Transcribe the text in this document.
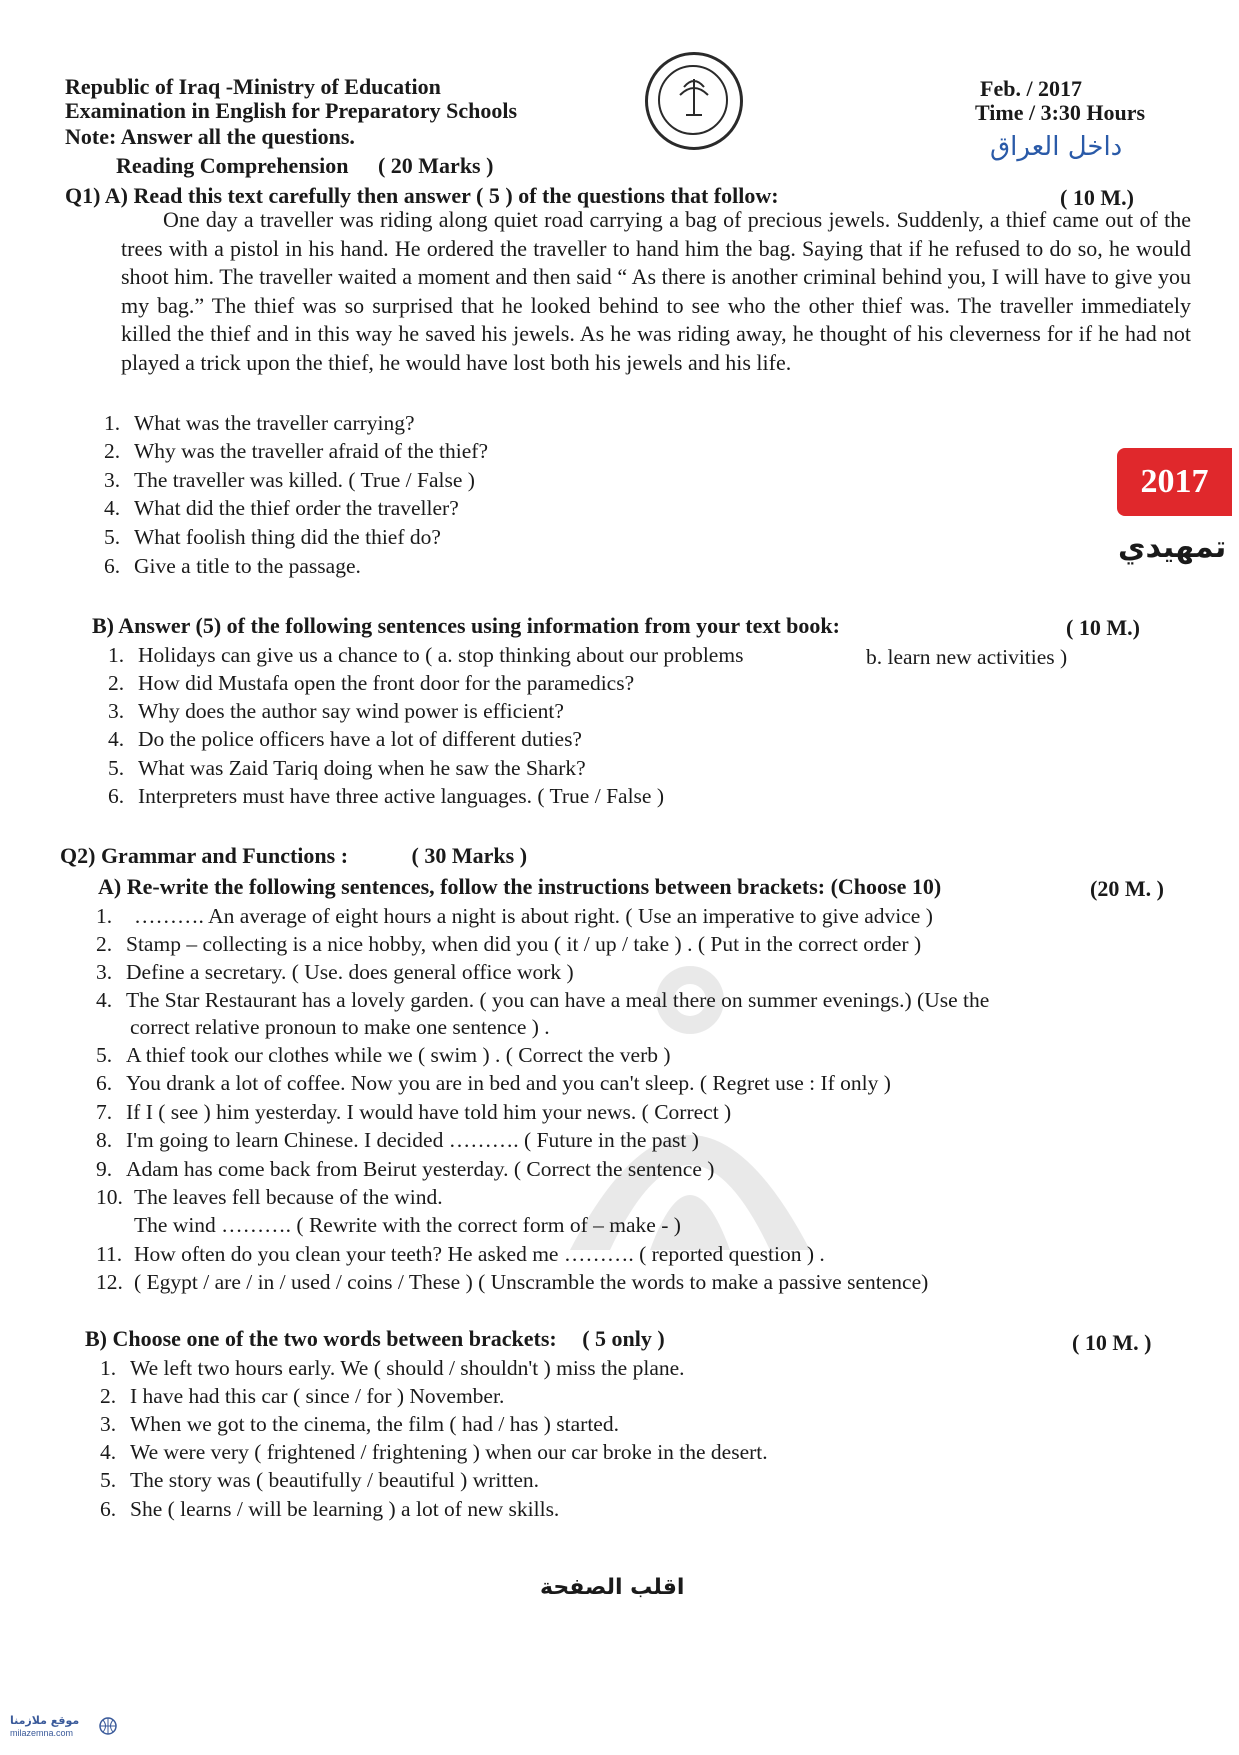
Republic of Iraq -Ministry of Education
Examination in English for Preparatory Schools
Note: Answer all the questions.
Feb. / 2017
Time / 3:30 Hours
داخل العراق
2017
تمهيدي
Reading Comprehension ( 20 Marks )
Q1) A) Read this text carefully then answer ( 5 ) of the questions that follow:	( 10 M.)
One day a traveller was riding along quiet road carrying a bag of precious jewels. Suddenly, a thief came out of the trees with a pistol in his hand. He ordered the traveller to hand him the bag. Saying that if he refused to do so, he would shoot him. The traveller waited a moment and then said “ As there is another criminal behind you, I will have to give you my bag.” The thief was so surprised that he looked behind to see who the other thief was. The traveller immediately killed the thief and in this way he saved his jewels. As he was riding away, he thought of his cleverness for if he had not played a trick upon the thief, he would have lost both his jewels and his life.
1. What was the traveller carrying?
2. Why was the traveller afraid of the thief?
3. The traveller was killed. ( True / False )
4. What did the thief order the traveller?
5. What foolish thing did the thief do?
6. Give a title to the passage.
B) Answer (5) of the following sentences using information from your text book:	( 10 M.)
1. Holidays can give us a chance to ( a. stop thinking about our problems	b. learn new activities )
2. How did Mustafa open the front door for the paramedics?
3. Why does the author say wind power is efficient?
4. Do the police officers have a lot of different duties?
5. What was Zaid Tariq doing when he saw the Shark?
6. Interpreters must have three active languages. ( True / False )
Q2) Grammar and Functions :	( 30 Marks )
A) Re-write the following sentences, follow the instructions between brackets: (Choose 10)	(20 M. )
1. ………. An average of eight hours a night is about right. ( Use an imperative to give advice )
2. Stamp – collecting is a nice hobby, when did you ( it / up / take ) . ( Put in the correct order )
3. Define a secretary. ( Use. does general office work )
4. The Star Restaurant has a lovely garden. ( you can have a meal there on summer evenings.) (Use the
correct relative pronoun to make one sentence ) .
5. A thief took our clothes while we ( swim ) . ( Correct the verb )
6. You drank a lot of coffee. Now you are in bed and you can't sleep. ( Regret use : If only )
7. If I ( see ) him yesterday. I would have told him your news. ( Correct )
8. I'm going to learn Chinese. I decided ………. ( Future in the past )
9. Adam has come back from Beirut yesterday. ( Correct the sentence )
10. The leaves fell because of the wind.
The wind ………. ( Rewrite with the correct form of – make - )
11. How often do you clean your teeth? He asked me ………. ( reported question ) .
12. ( Egypt / are / in / used / coins / These ) ( Unscramble the words to make a passive sentence)
B) Choose one of the two words between brackets: ( 5 only )	( 10 M. )
1. We left two hours early. We ( should / shouldn't ) miss the plane.
2. I have had this car ( since / for ) November.
3. When we got to the cinema, the film ( had / has ) started.
4. We were very ( frightened / frightening ) when our car broke in the desert.
5. The story was ( beautifully / beautiful ) written.
6. She ( learns / will be learning ) a lot of new skills.
اقلب الصفحة
موقع ملازمنا
milazemna.com
